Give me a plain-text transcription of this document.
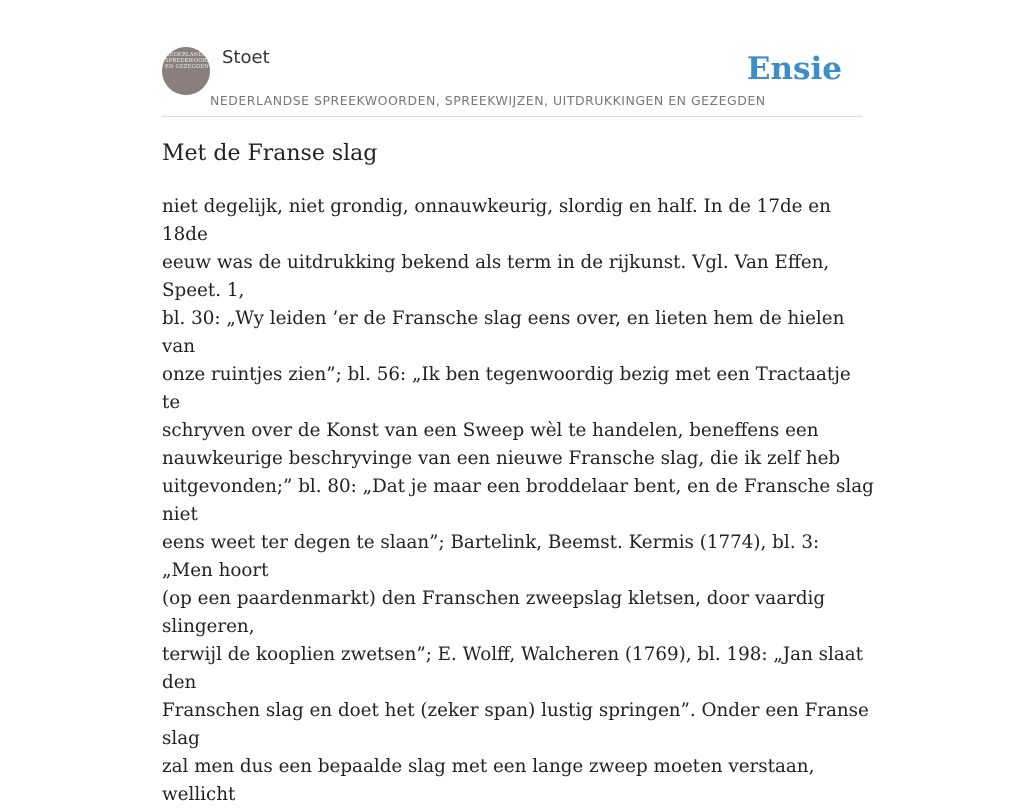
NEDERLANDSE SPREEKWOORDEN EN GEZEGDEN Stoet
NEDERLANDSE SPREEKWOORDEN, SPREEKWIJZEN, UITDRUKKINGEN EN GEZEGDEN
Ensie
Met de Franse slag

niet degelijk, niet grondig, onnauwkeurig, slordig en half. In de 17de en 18de
eeuw was de uitdrukking bekend als term in de rijkunst. Vgl. Van Effen, Speet. 1,
bl. 30: „Wy leiden ’er de Fransche slag eens over, en lieten hem de hielen van
onze ruintjes zien”; bl. 56: „Ik ben tegenwoordig bezig met een Tractaatje te
schryven over de Konst van een Sweep wèl te handelen, beneffens een
nauwkeurige beschryvinge van een nieuwe Fransche slag, die ik zelf heb
uitgevonden;” bl. 80: „Dat je maar een broddelaar bent, en de Fransche slag niet
eens weet ter degen te slaan”; Bartelink, Beemst. Kermis (1774), bl. 3: „Men hoort
(op een paardenmarkt) den Franschen zweepslag kletsen, door vaardig slingeren,
terwijl de kooplien zwetsen”; E. Wolff, Walcheren (1769), bl. 198: „Jan slaat den
Franschen slag en doet het (zeker span) lustig springen”. Onder een Franse slag
zal men dus een bepaalde slag met een lange zweep moeten verstaan, wellicht
